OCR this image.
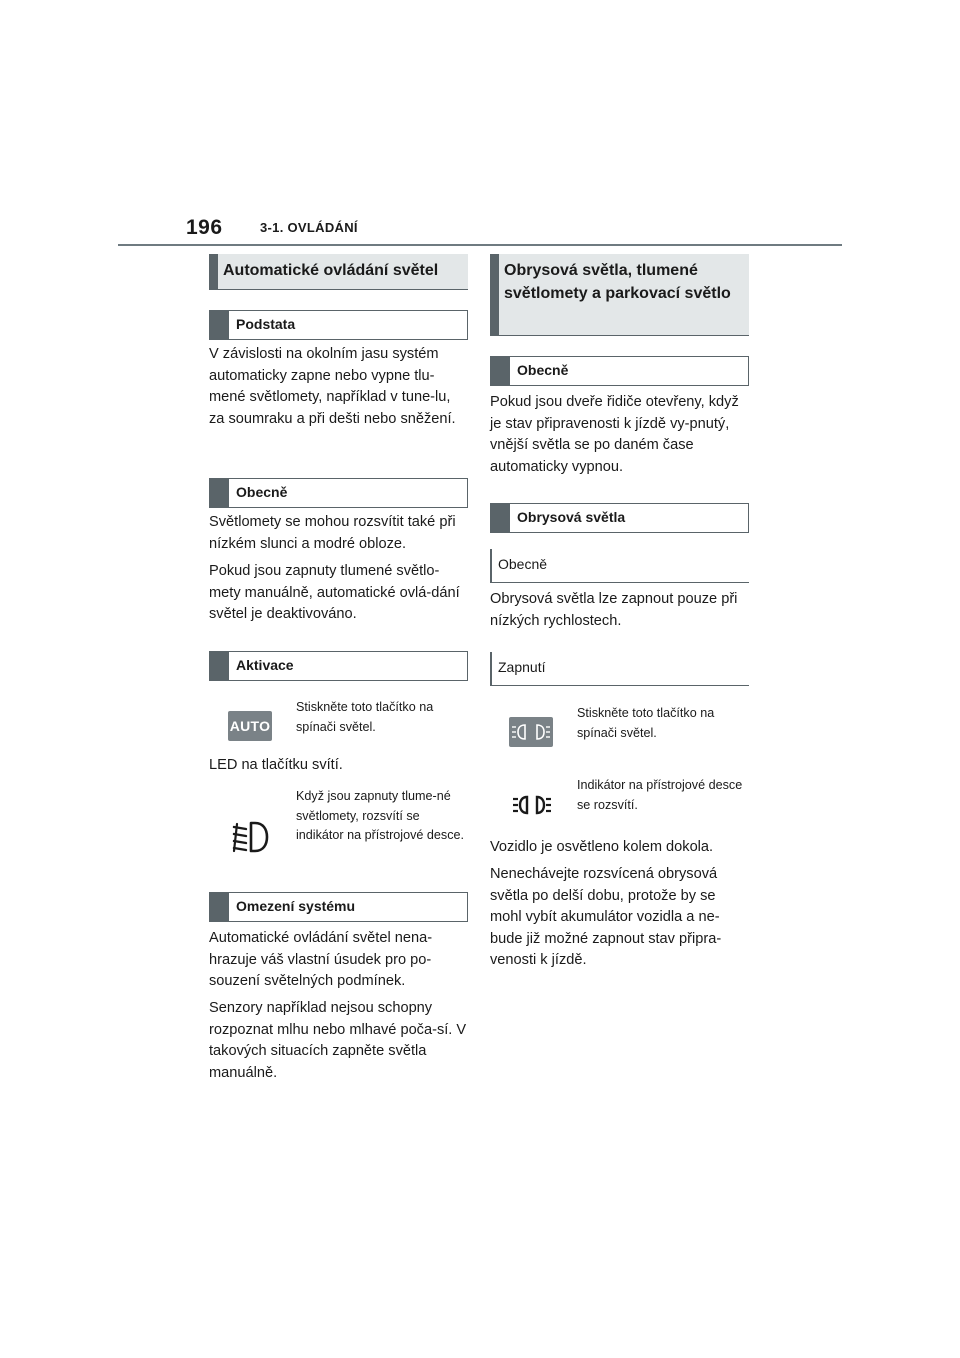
196	3-1. OVLÁDÁNÍ
Automatické ovládání světel
Podstata

V závislosti na okolním jasu systém automaticky zapne nebo vypne tlu-mené světlomety, například v tune-lu, za soumraku a při dešti nebo sněžení.

Obecně

Světlomety se mohou rozsvítit také při nízkém slunci a modré obloze.

Pokud jsou zapnuty tlumené světlo-mety manuálně, automatické ovlá-dání světel je deaktivováno.

Aktivace
AUTO

Stiskněte toto tlačítko na spínači světel.

LED na tlačítku svítí.

Když jsou zapnuty tlume-né světlomety, rozsvítí se indikátor na přístrojové desce.

Omezení systému

Automatické ovládání světel nena-hrazuje váš vlastní úsudek pro po-souzení světelných podmínek.

Senzory například nejsou schopny rozpoznat mlhu nebo mlhavé poča-sí. V takových situacích zapněte světla manuálně.

Obrysová světla, tlumené světlomety a parkovací světlo
Obecně

Pokud jsou dveře řidiče otevřeny, když je stav připravenosti k jízdě vy-pnutý, vnější světla se po daném čase automaticky vypnou.

Obrysová světla
Obecně

Obrysová světla lze zapnout pouze při nízkých rychlostech.

Zapnutí

Stiskněte toto tlačítko na spínači světel.

Indikátor na přístrojové desce se rozsvítí.

Vozidlo je osvětleno kolem dokola.

Nenechávejte rozsvícená obrysová světla po delší dobu, protože by se mohl vybít akumulátor vozidla a ne-bude již možné zapnout stav připra-venosti k jízdě.
